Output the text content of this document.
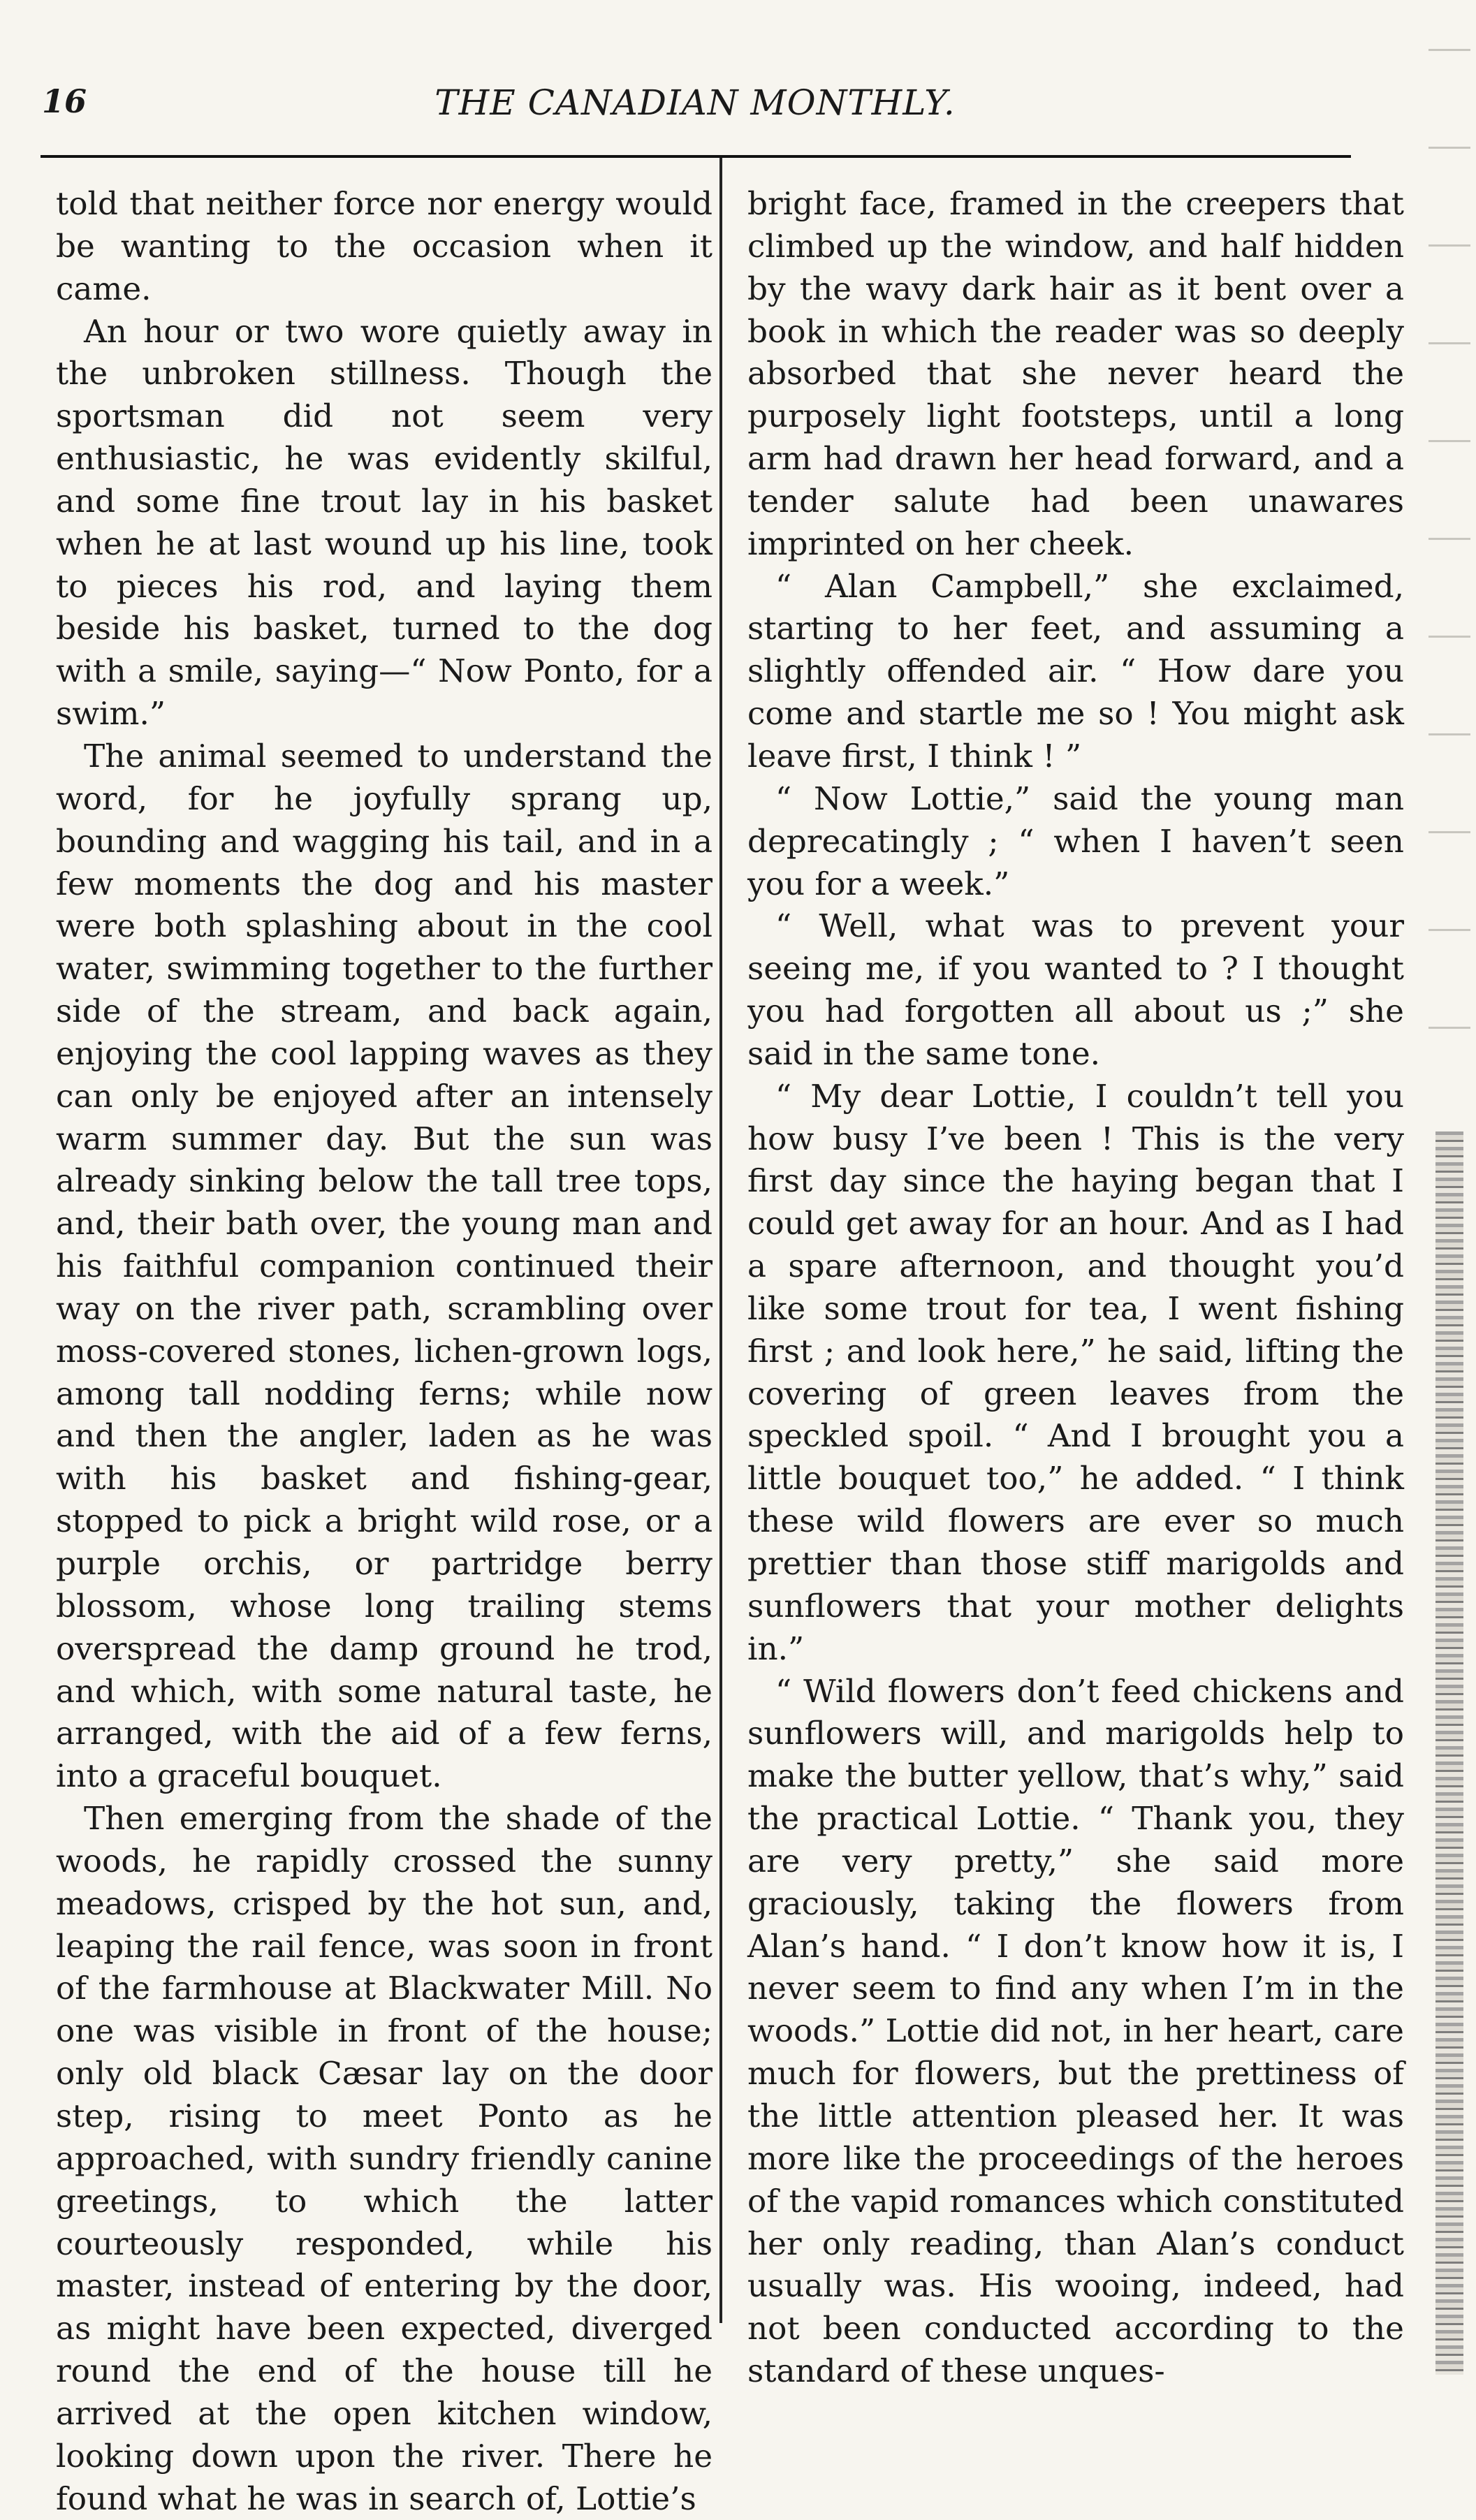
16	THE CANADIAN MONTHLY.

told that neither force nor energy would be wanting to the occasion when it came.

An hour or two wore quietly away in the unbroken stillness. Though the sportsman did not seem very enthusiastic, he was evidently skilful, and some fine trout lay in his basket when he at last wound up his line, took to pieces his rod, and laying them beside his basket, turned to the dog with a smile, saying—“ Now Ponto, for a swim.”

The animal seemed to understand the word, for he joyfully sprang up, bounding and wagging his tail, and in a few moments the dog and his master were both splashing about in the cool water, swimming together to the further side of the stream, and back again, enjoying the cool lapping waves as they can only be enjoyed after an intensely warm summer day. But the sun was already sinking below the tall tree tops, and, their bath over, the young man and his faithful companion continued their way on the river path, scrambling over moss-covered stones, lichen-grown logs, among tall nodding ferns; while now and then the angler, laden as he was with his basket and fishing-gear, stopped to pick a bright wild rose, or a purple orchis, or partridge berry blossom, whose long trailing stems overspread the damp ground he trod, and which, with some natural taste, he arranged, with the aid of a few ferns, into a graceful bouquet.

Then emerging from the shade of the woods, he rapidly crossed the sunny meadows, crisped by the hot sun, and, leaping the rail fence, was soon in front of the farmhouse at Blackwater Mill. No one was visible in front of the house; only old black Cæsar lay on the door step, rising to meet Ponto as he approached, with sundry friendly canine greetings, to which the latter courteously responded, while his master, instead of entering by the door, as might have been expected, diverged round the end of the house till he arrived at the open kitchen window, looking down upon the river. There he found what he was in search of, Lottie’s

bright face, framed in the creepers that climbed up the window, and half hidden by the wavy dark hair as it bent over a book in which the reader was so deeply absorbed that she never heard the purposely light footsteps, until a long arm had drawn her head forward, and a tender salute had been unawares imprinted on her cheek.

“ Alan Campbell,” she exclaimed, starting to her feet, and assuming a slightly offended air. “ How dare you come and startle me so ! You might ask leave first, I think ! ”

“ Now Lottie,” said the young man deprecatingly ; “ when I haven’t seen you for a week.”

“ Well, what was to prevent your seeing me, if you wanted to ? I thought you had forgotten all about us ;” she said in the same tone.

“ My dear Lottie, I couldn’t tell you how busy I’ve been ! This is the very first day since the haying began that I could get away for an hour. And as I had a spare afternoon, and thought you’d like some trout for tea, I went fishing first ; and look here,” he said, lifting the covering of green leaves from the speckled spoil. “ And I brought you a little bouquet too,” he added. “ I think these wild flowers are ever so much prettier than those stiff marigolds and sunflowers that your mother delights in.”

“ Wild flowers don’t feed chickens and sunflowers will, and marigolds help to make the butter yellow, that’s why,” said the practical Lottie. “ Thank you, they are very pretty,” she said more graciously, taking the flowers from Alan’s hand. “ I don’t know how it is, I never seem to find any when I’m in the woods.” Lottie did not, in her heart, care much for flowers, but the prettiness of the little attention pleased her. It was more like the proceedings of the heroes of the vapid romances which constituted her only reading, than Alan’s conduct usually was. His wooing, indeed, had not been conducted according to the standard of these unques-
